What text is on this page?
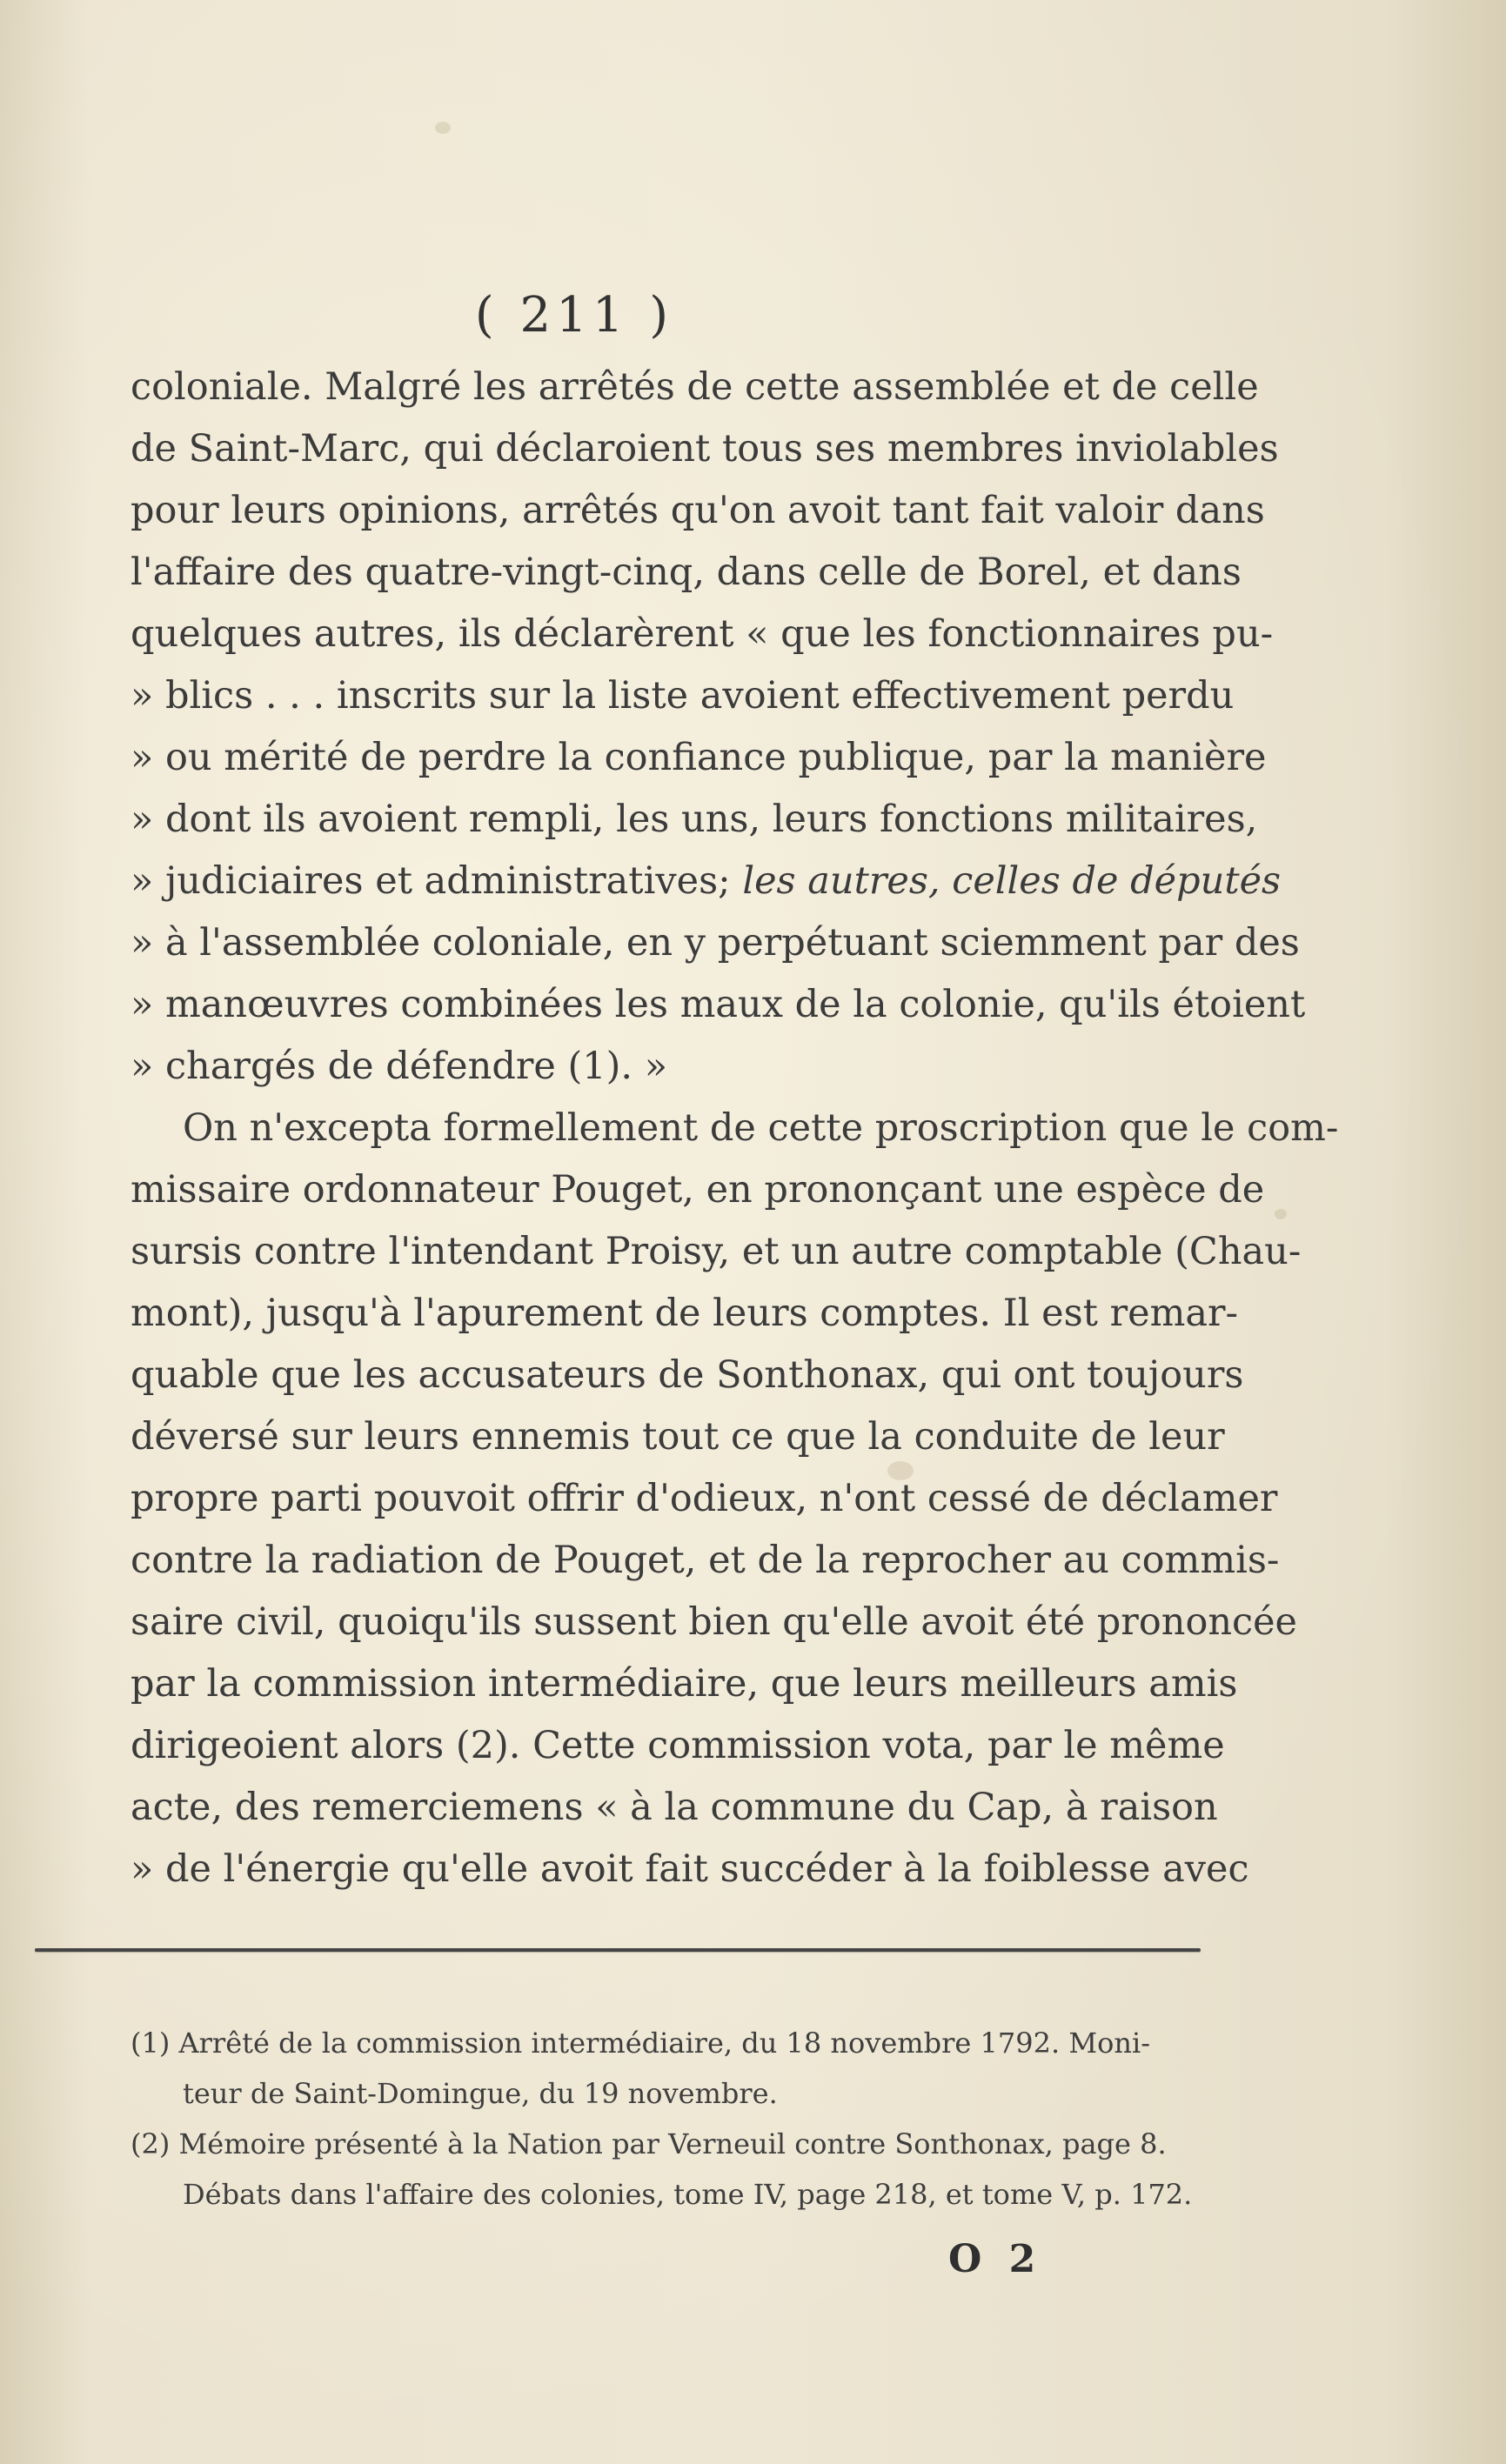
( 211 )
coloniale. Malgré les arrêtés de cette assemblée et de celle
de Saint-Marc, qui déclaroient tous ses membres inviolables
pour leurs opinions, arrêtés qu'on avoit tant fait valoir dans
l'affaire des quatre-vingt-cinq, dans celle de Borel, et dans
quelques autres, ils déclarèrent « que les fonctionnaires pu-
» blics . . . inscrits sur la liste avoient effectivement perdu
» ou mérité de perdre la confiance publique, par la manière
» dont ils avoient rempli, les uns, leurs fonctions militaires,
» judiciaires et administratives; les autres, celles de députés
» à l'assemblée coloniale, en y perpétuant sciemment par des
» manœuvres combinées les maux de la colonie, qu'ils étoient
» chargés de défendre (1). »
On n'excepta formellement de cette proscription que le com-
missaire ordonnateur Pouget, en prononçant une espèce de
sursis contre l'intendant Proisy, et un autre comptable (Chau-
mont), jusqu'à l'apurement de leurs comptes. Il est remar-
quable que les accusateurs de Sonthonax, qui ont toujours
déversé sur leurs ennemis tout ce que la conduite de leur
propre parti pouvoit offrir d'odieux, n'ont cessé de déclamer
contre la radiation de Pouget, et de la reprocher au commis-
saire civil, quoiqu'ils sussent bien qu'elle avoit été prononcée
par la commission intermédiaire, que leurs meilleurs amis
dirigeoient alors (2). Cette commission vota, par le même
acte, des remerciemens « à la commune du Cap, à raison
» de l'énergie qu'elle avoit fait succéder à la foiblesse avec
(1) Arrêté de la commission intermédiaire, du 18 novembre 1792. Moni-
teur de Saint-Domingue, du 19 novembre.
(2) Mémoire présenté à la Nation par Verneuil contre Sonthonax, page 8.
Débats dans l'affaire des colonies, tome IV, page 218, et tome V, p. 172.
O 2
